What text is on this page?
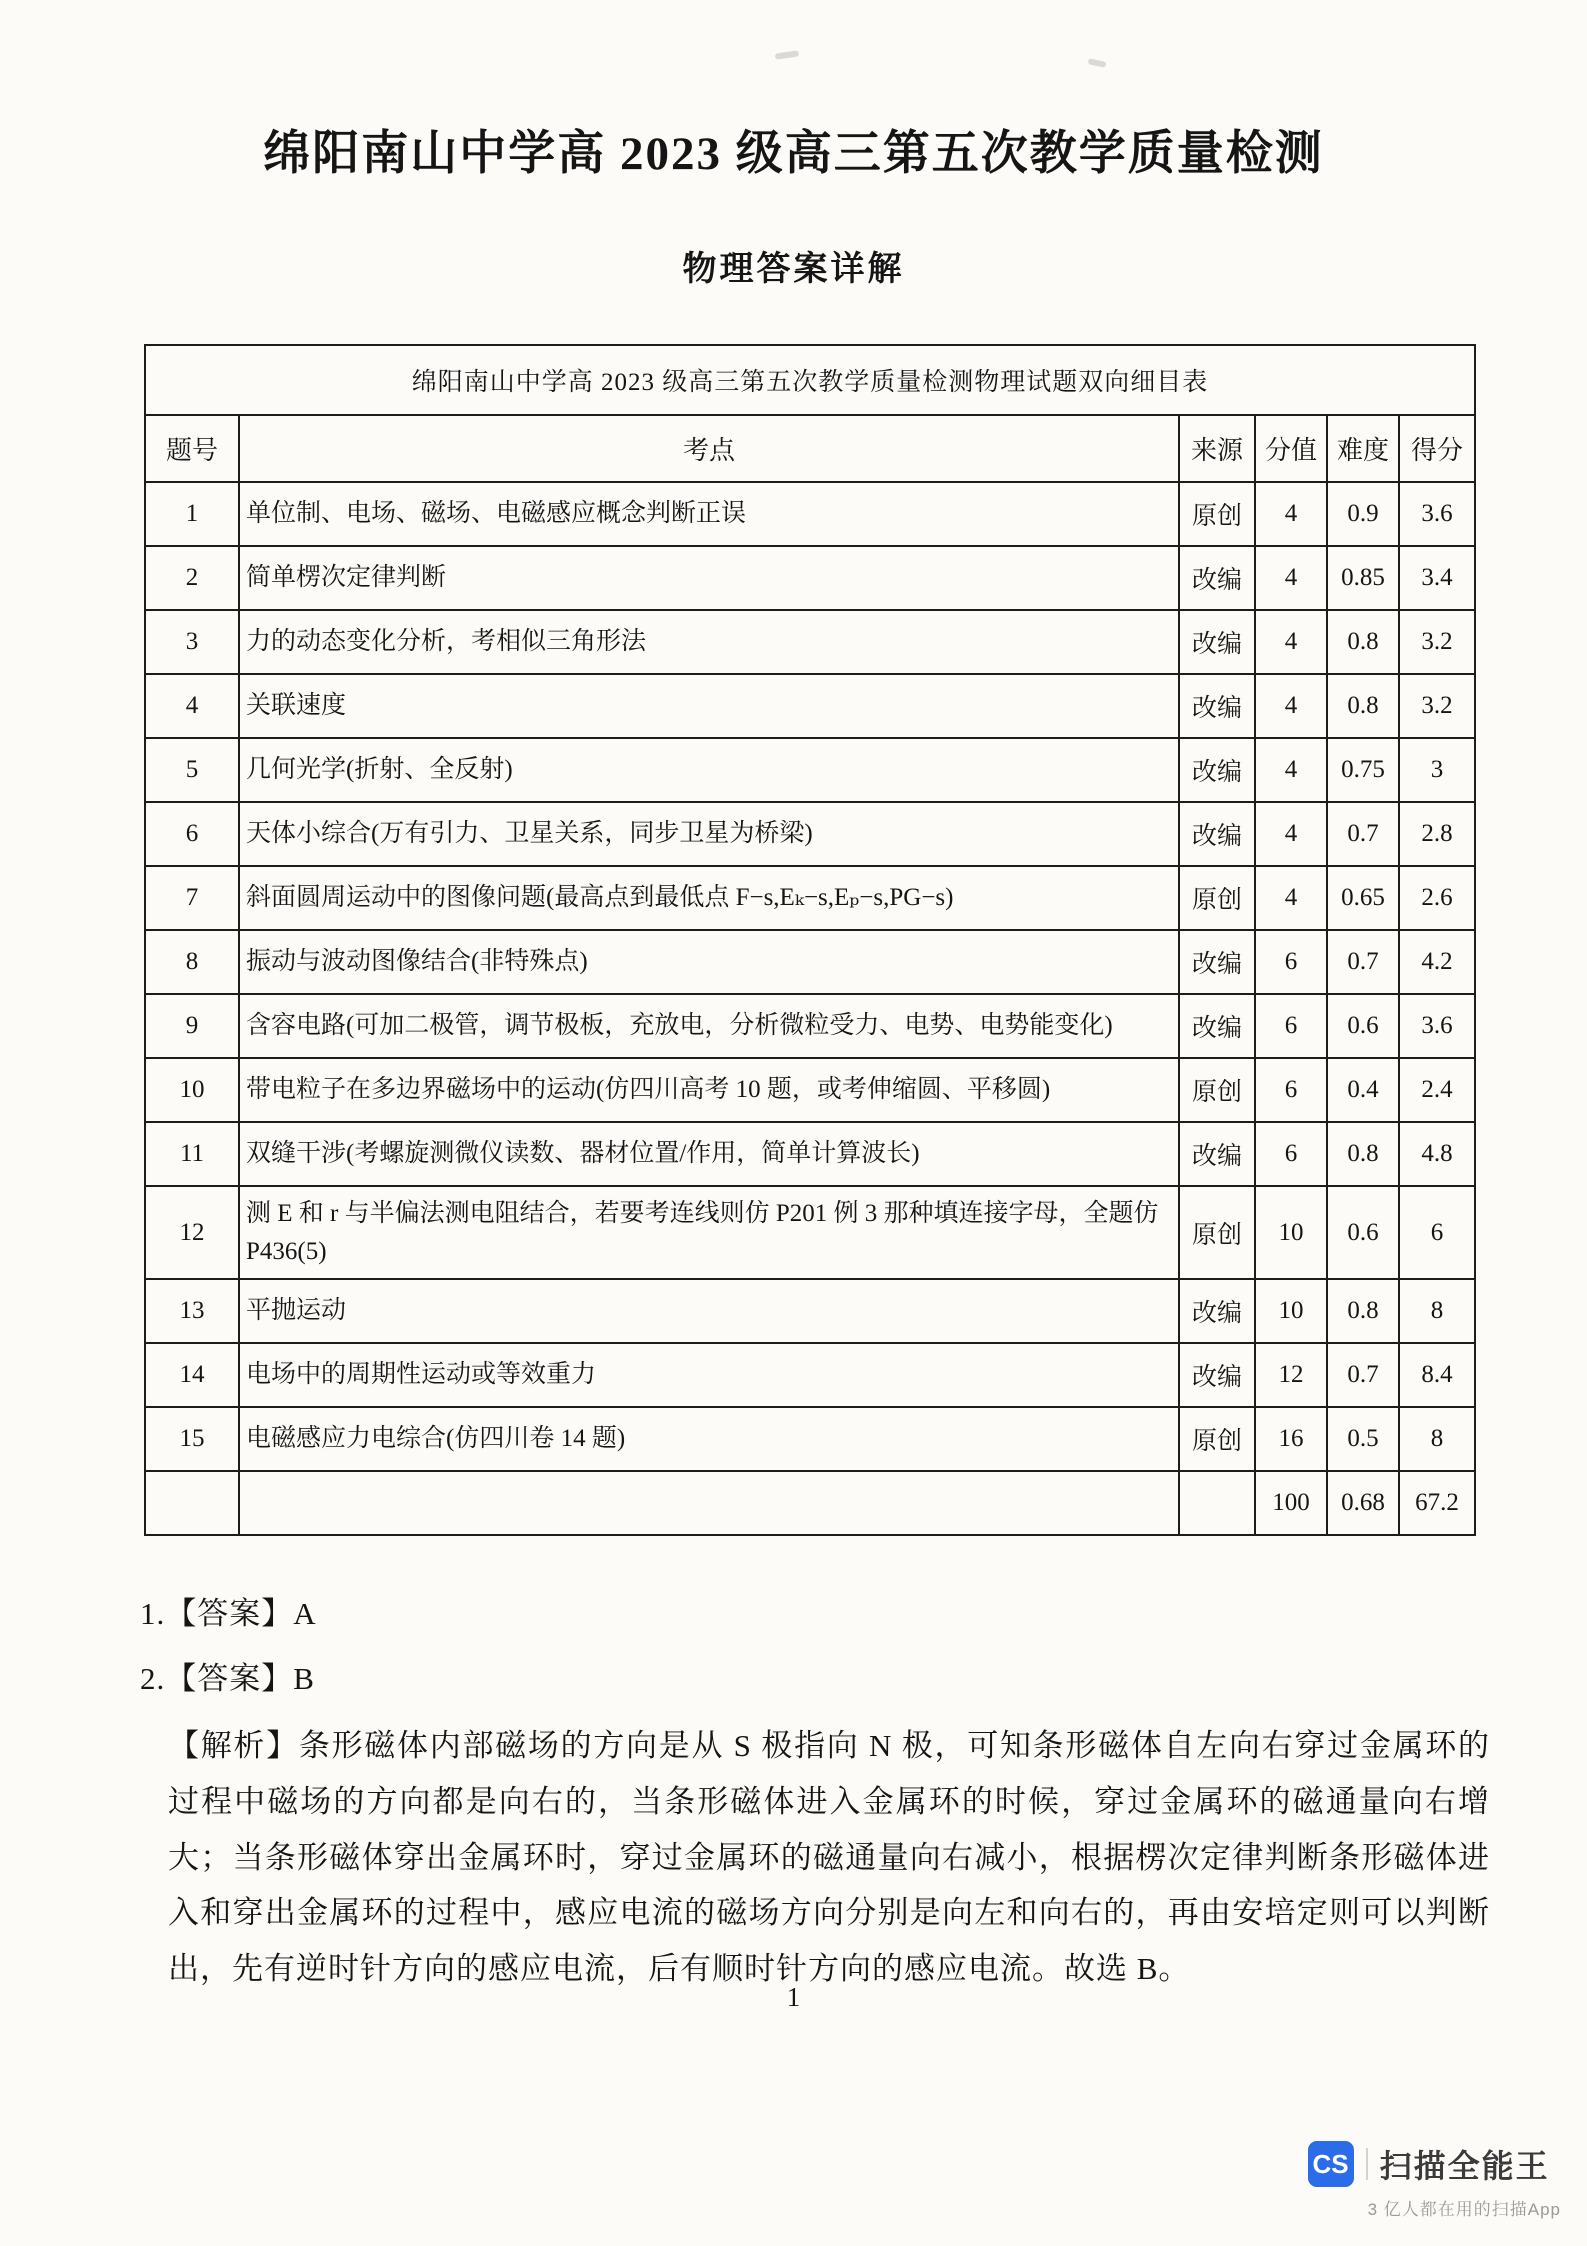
绵阳南山中学高 2023 级高三第五次教学质量检测
物理答案详解
绵阳南山中学高 2023 级高三第五次教学质量检测物理试题双向细目表					
题号	考点	来源	分值	难度	得分
1	单位制、电场、磁场、电磁感应概念判断正误	原创	4	0.9	3.6
2	简单楞次定律判断	改编	4	0.85	3.4
3	力的动态变化分析，考相似三角形法	改编	4	0.8	3.2
4	关联速度	改编	4	0.8	3.2
5	几何光学(折射、全反射)	改编	4	0.75	3
6	天体小综合(万有引力、卫星关系，同步卫星为桥梁)	改编	4	0.7	2.8
7	斜面圆周运动中的图像问题(最高点到最低点 F−s,Eₖ−s,Eₚ−s,PG−s)	原创	4	0.65	2.6
8	振动与波动图像结合(非特殊点)	改编	6	0.7	4.2
9	含容电路(可加二极管，调节极板，充放电，分析微粒受力、电势、电势能变化)	改编	6	0.6	3.6
10	带电粒子在多边界磁场中的运动(仿四川高考 10 题，或考伸缩圆、平移圆)	原创	6	0.4	2.4
11	双缝干涉(考螺旋测微仪读数、器材位置/作用，简单计算波长)	改编	6	0.8	4.8
12	测 E 和 r 与半偏法测电阻结合，若要考连线则仿 P201 例 3 那种填连接字母，全题仿 P436(5)	原创	10	0.6	6
13	平抛运动	改编	10	0.8	8
14	电场中的周期性运动或等效重力	改编	12	0.7	8.4
15	电磁感应力电综合(仿四川卷 14 题)	原创	16	0.5	8
			100	0.68	67.2

1.【答案】A

2.【答案】B

【解析】条形磁体内部磁场的方向是从 S 极指向 N 极，可知条形磁体自左向右穿过金属环的过程中磁场的方向都是向右的，当条形磁体进入金属环的时候，穿过金属环的磁通量向右增大；当条形磁体穿出金属环时，穿过金属环的磁通量向右减小，根据楞次定律判断条形磁体进入和穿出金属环的过程中，感应电流的磁场方向分别是向左和向右的，再由安培定则可以判断出，先有逆时针方向的感应电流，后有顺时针方向的感应电流。故选 B。

1
CS 扫描全能王
3 亿人都在用的扫描App
